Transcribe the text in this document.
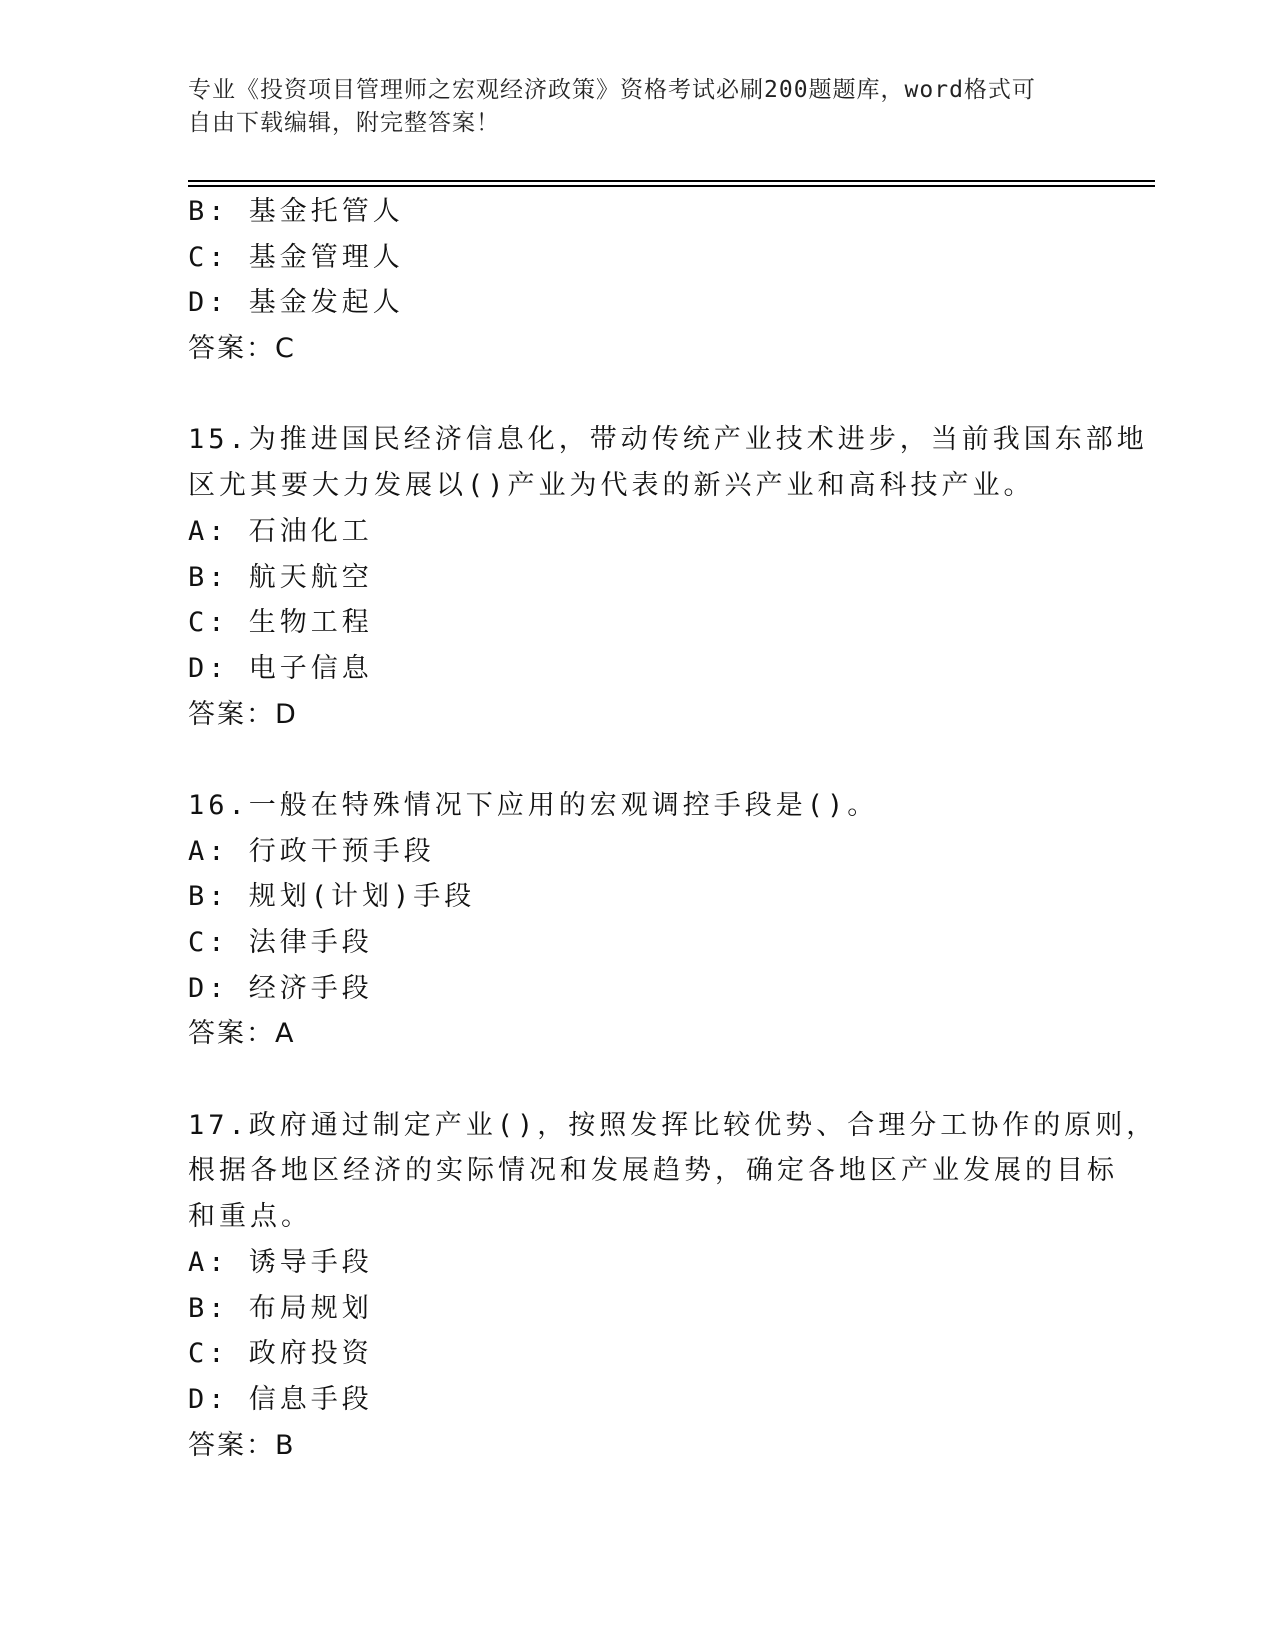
专业《投资项目管理师之宏观经济政策》资格考试必刷200题题库，word格式可
自由下载编辑，附完整答案！
B: 基金托管人
C: 基金管理人
D: 基金发起人
答案：C
15.为推进国民经济信息化，带动传统产业技术进步，当前我国东部地
区尤其要大力发展以()产业为代表的新兴产业和高科技产业。
A: 石油化工
B: 航天航空
C: 生物工程
D: 电子信息
答案：D
16.一般在特殊情况下应用的宏观调控手段是()。
A: 行政干预手段
B: 规划(计划)手段
C: 法律手段
D: 经济手段
答案：A
17.政府通过制定产业()，按照发挥比较优势、合理分工协作的原则，
根据各地区经济的实际情况和发展趋势，确定各地区产业发展的目标
和重点。
A: 诱导手段
B: 布局规划
C: 政府投资
D: 信息手段
答案：B
